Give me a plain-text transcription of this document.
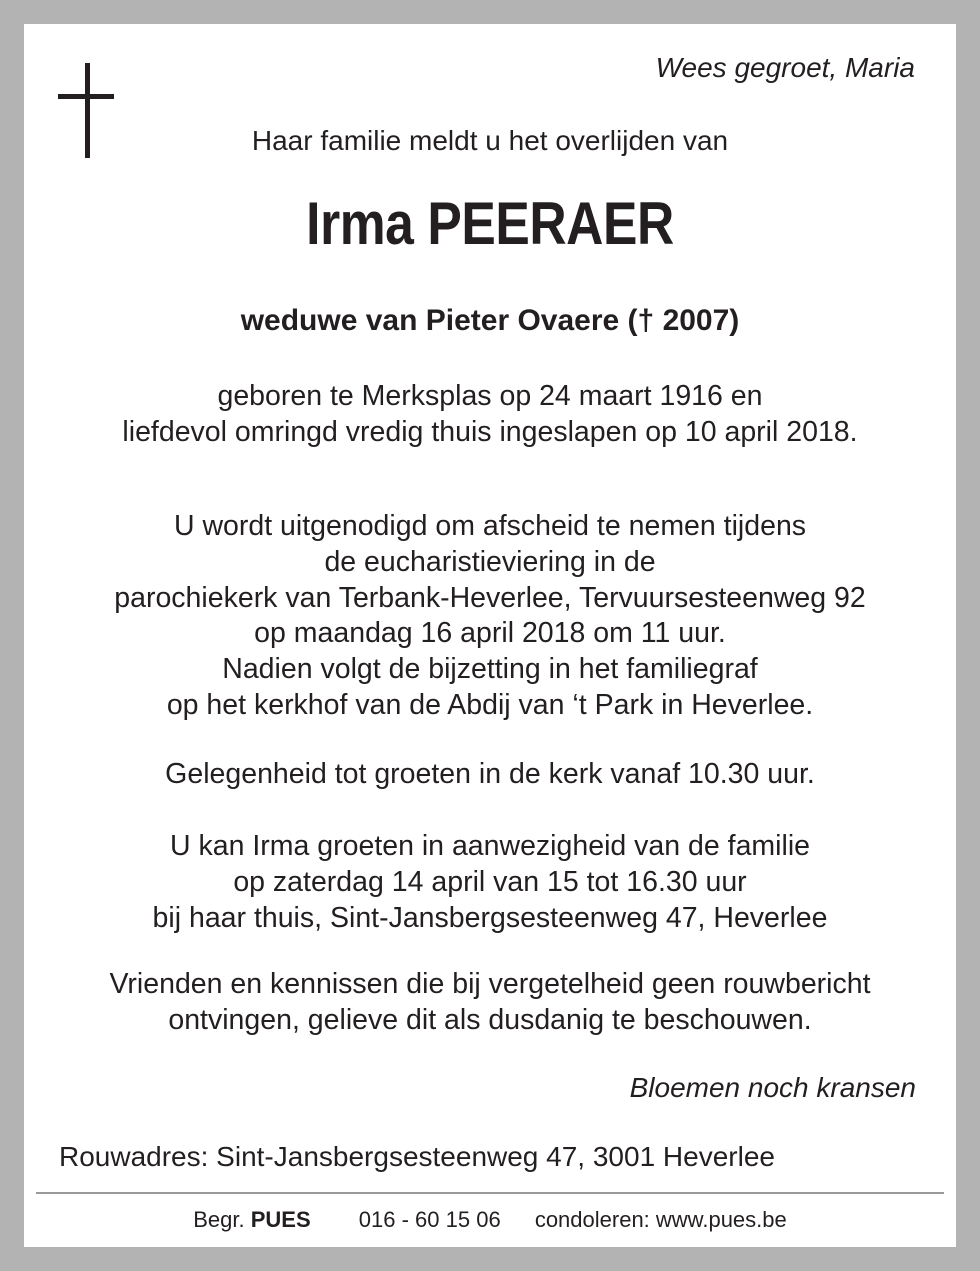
Wees gegroet, Maria
Haar familie meldt u het overlijden van
Irma PEERAER
weduwe van Pieter Ovaere († 2007)
geboren te Merksplas op 24 maart 1916 en
liefdevol omringd vredig thuis ingeslapen op 10 april 2018.
U wordt uitgenodigd om afscheid te nemen tijdens
de eucharistieviering in de
parochiekerk van Terbank-Heverlee, Tervuursesteenweg 92
op maandag 16 april 2018 om 11 uur.
Nadien volgt de bijzetting in het familiegraf
op het kerkhof van de Abdij van ‘t Park in Heverlee.
Gelegenheid tot groeten in de kerk vanaf 10.30 uur.
U kan Irma groeten in aanwezigheid van de familie
op zaterdag 14 april van 15 tot 16.30 uur
bij haar thuis, Sint-Jansbergsesteenweg 47, Heverlee
Vrienden en kennissen die bij vergetelheid geen rouwbericht
ontvingen, gelieve dit als dusdanig te beschouwen.
Bloemen noch kransen
Rouwadres: Sint-Jansbergsesteenweg 47, 3001 Heverlee
Begr. PUES 016 - 60 15 06 condoleren: www.pues.be
